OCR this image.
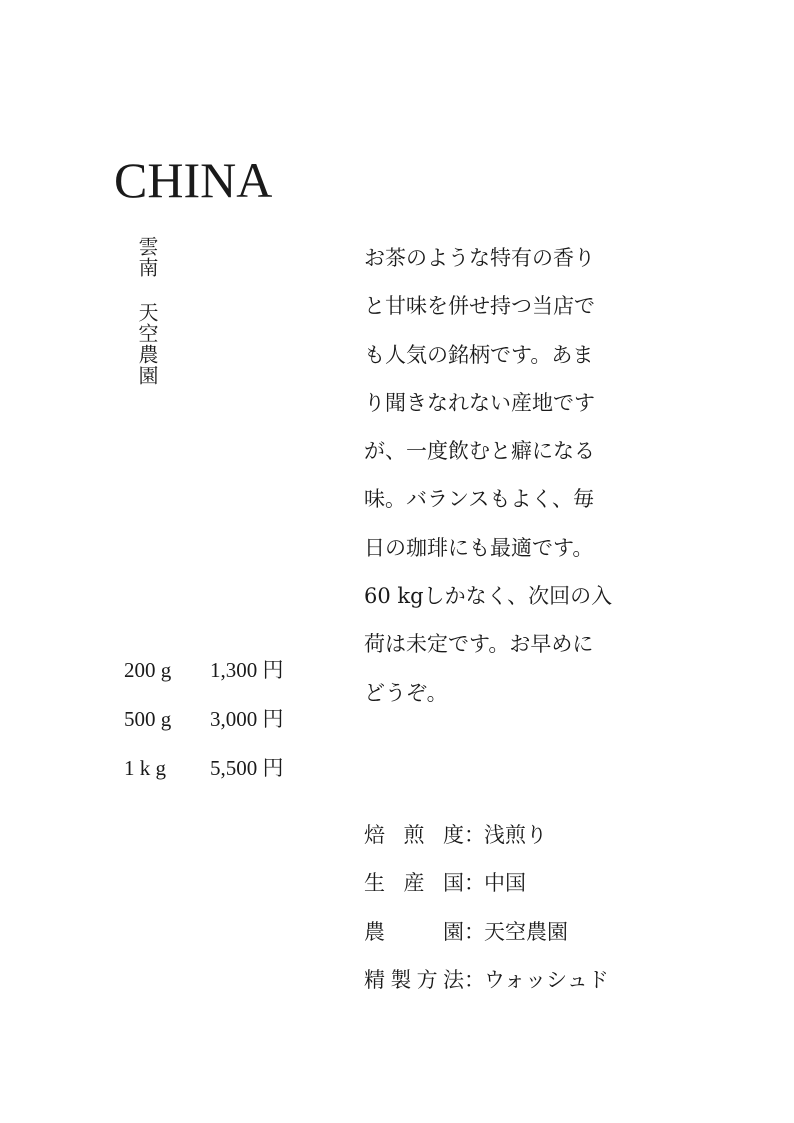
CHINA
雲南天空農園
お茶のような特有の香り
と甘味を併せ持つ当店で
も人気の銘柄です。あま
り聞きなれない産地です
が、一度飲むと癖になる
味。バランスもよく、毎
日の珈琲にも最適です。
60 kgしかなく、次回の入
荷は未定です。お早めに
どうぞ。
200 g	1,300 円
500 g	3,000 円
1 k g	5,500 円
焙 煎 度 ： 浅煎り
生 産 国 ： 中国
農　　園 ： 天空農園
精製方法 ： ウォッシュド
